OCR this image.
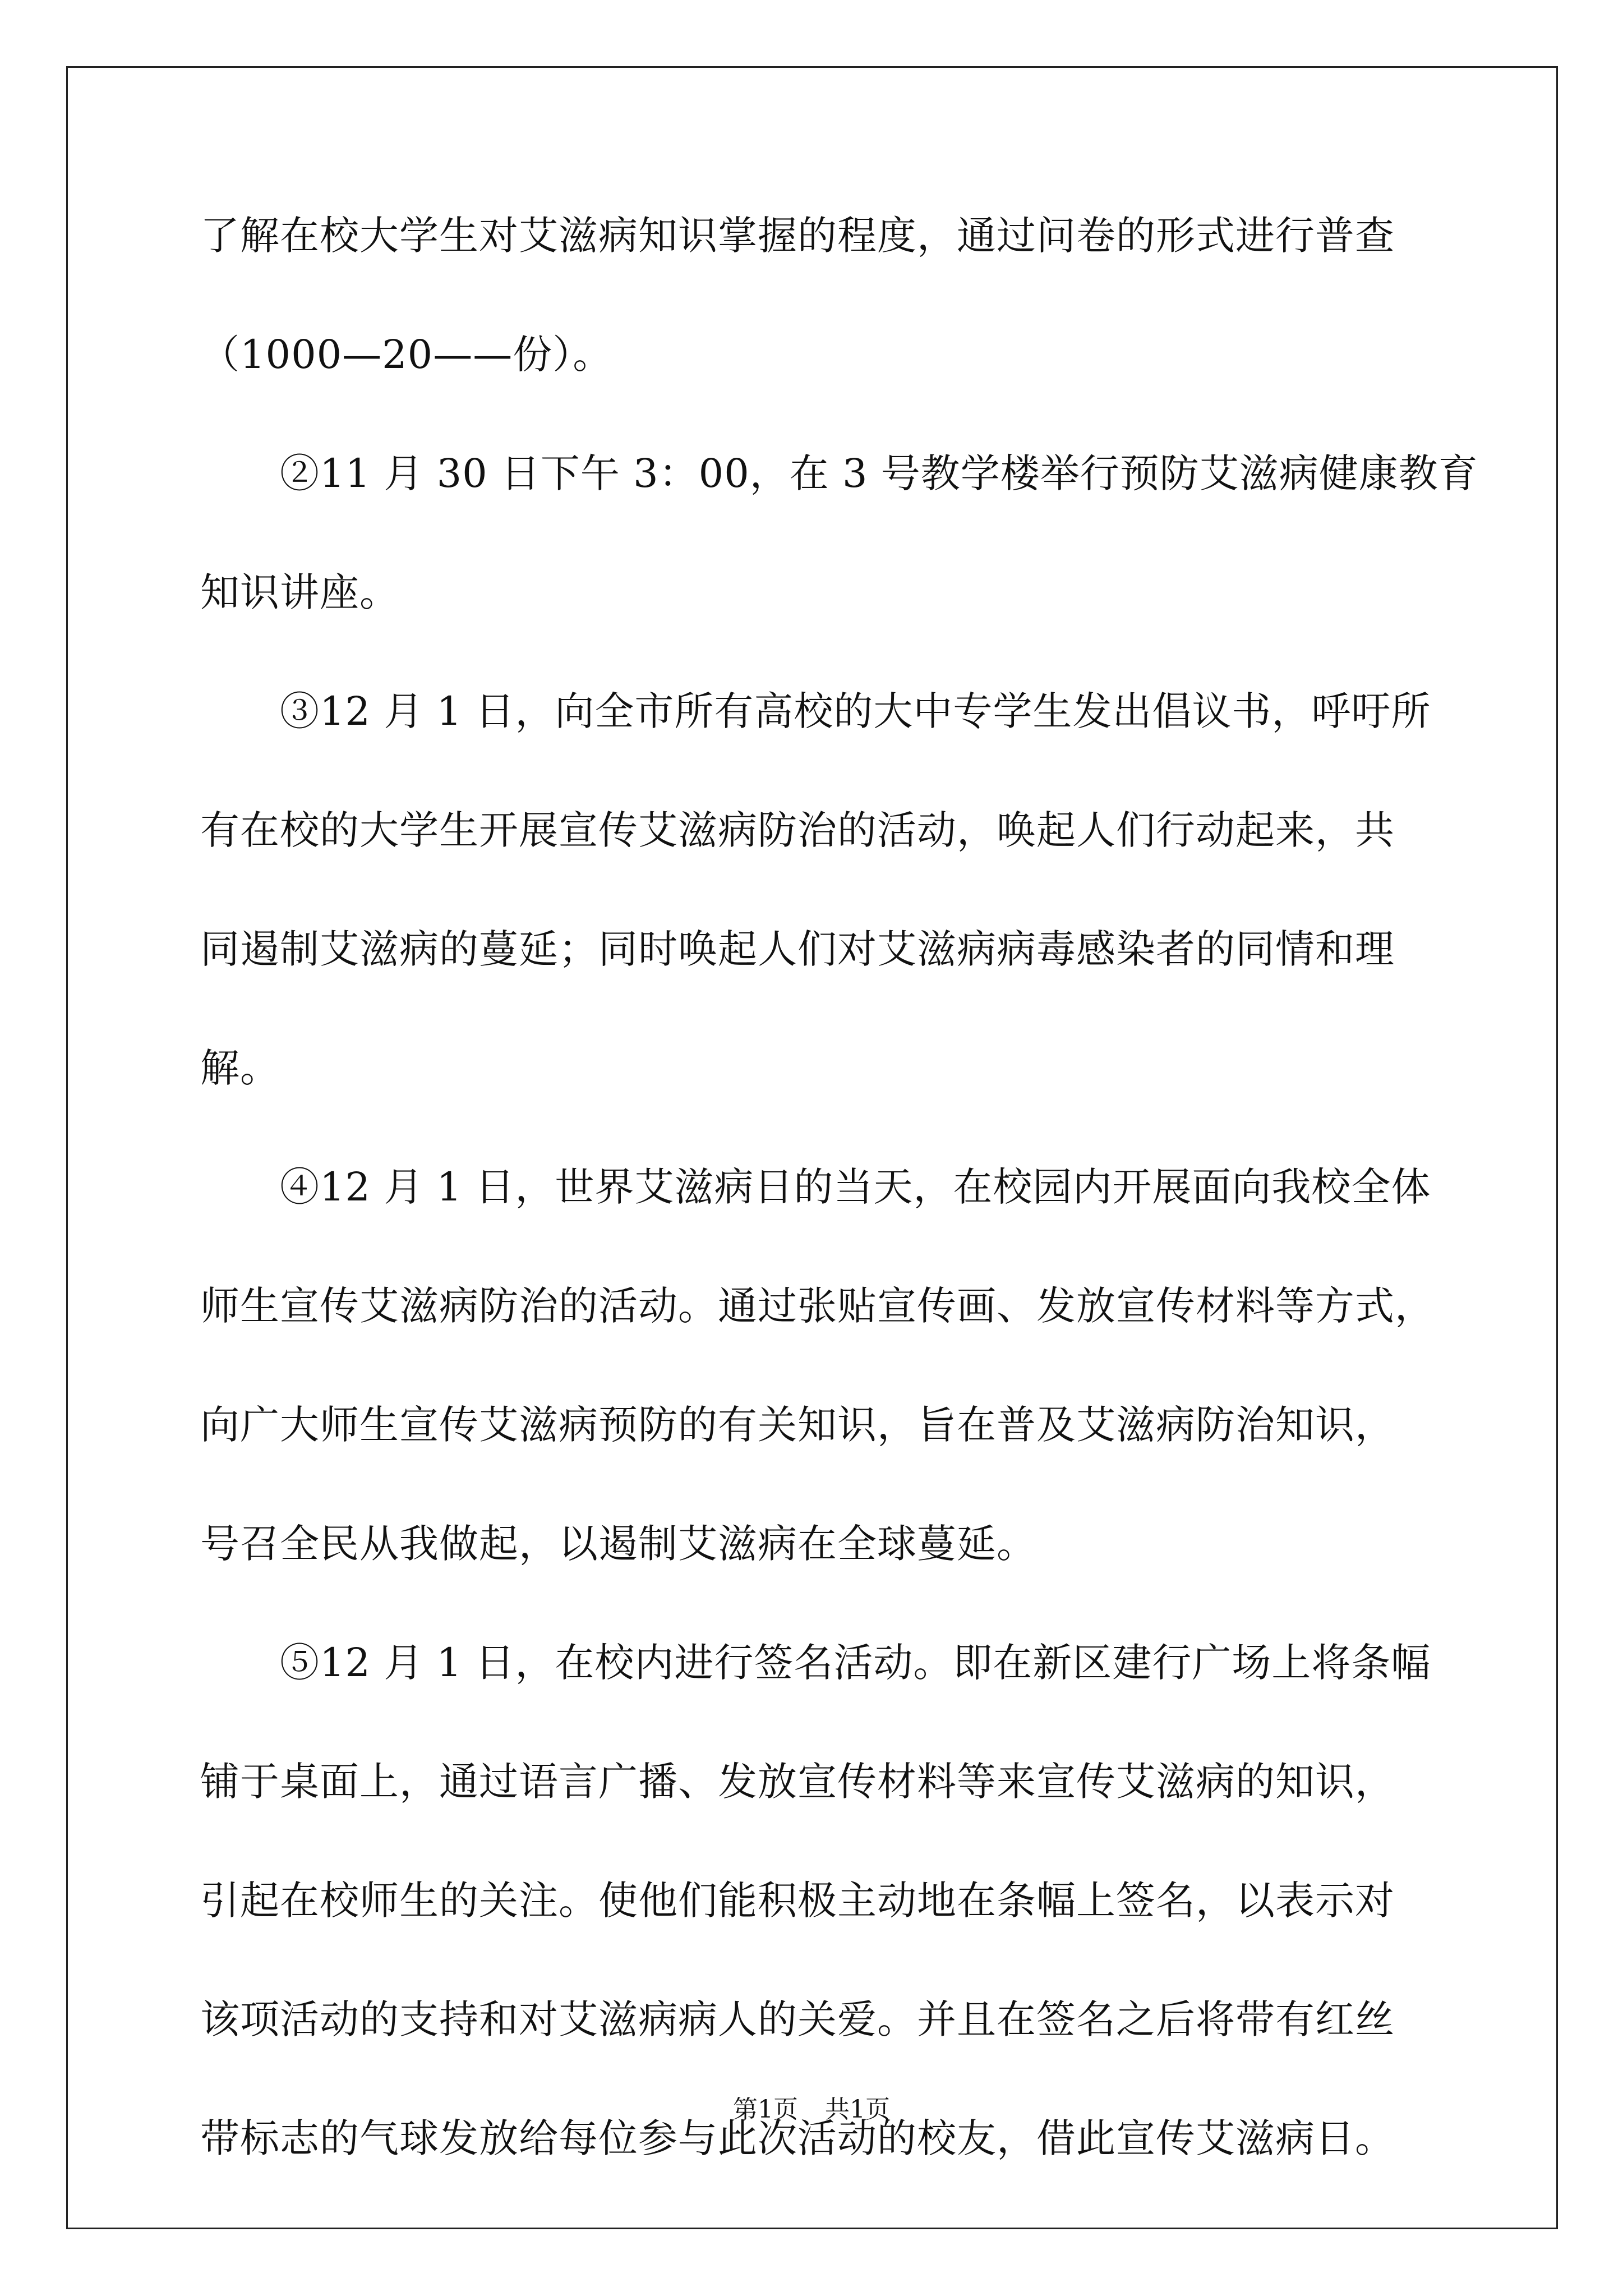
了解在校大学生对艾滋病知识掌握的程度，通过问卷的形式进行普查
（1000—20——份）。
②11 月 30 日下午 3：00，在 3 号教学楼举行预防艾滋病健康教育
知识讲座。
③12 月 1 日，向全市所有高校的大中专学生发出倡议书，呼吁所
有在校的大学生开展宣传艾滋病防治的活动，唤起人们行动起来，共
同遏制艾滋病的蔓延；同时唤起人们对艾滋病病毒感染者的同情和理
解。
④12 月 1 日，世界艾滋病日的当天，在校园内开展面向我校全体
师生宣传艾滋病防治的活动。通过张贴宣传画、发放宣传材料等方式，
向广大师生宣传艾滋病预防的有关知识，旨在普及艾滋病防治知识，
号召全民从我做起，以遏制艾滋病在全球蔓延。
⑤12 月 1 日，在校内进行签名活动。即在新区建行广场上将条幅
铺于桌面上，通过语言广播、发放宣传材料等来宣传艾滋病的知识，
引起在校师生的关注。使他们能积极主动地在条幅上签名，以表示对
该项活动的支持和对艾滋病病人的关爱。并且在签名之后将带有红丝
带标志的气球发放给每位参与此次活动的校友，借此宣传艾滋病日。
第1页 共1页
